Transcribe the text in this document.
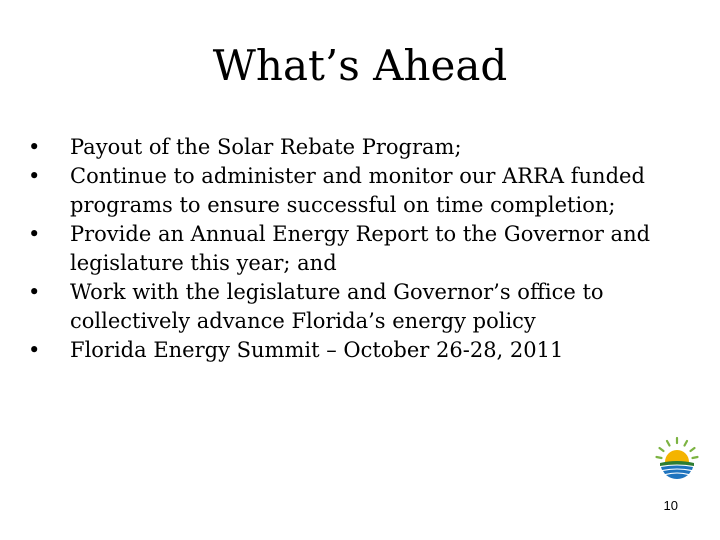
What’s Ahead
• Payout of the Solar Rebate Program;
• Continue to administer and monitor our ARRA funded programs to ensure successful on time completion;
• Provide an Annual Energy Report to the Governor and legislature this year; and
• Work with the legislature and Governor’s office to collectively advance Florida’s energy policy
• Florida Energy Summit – October 26-28, 2011
10
